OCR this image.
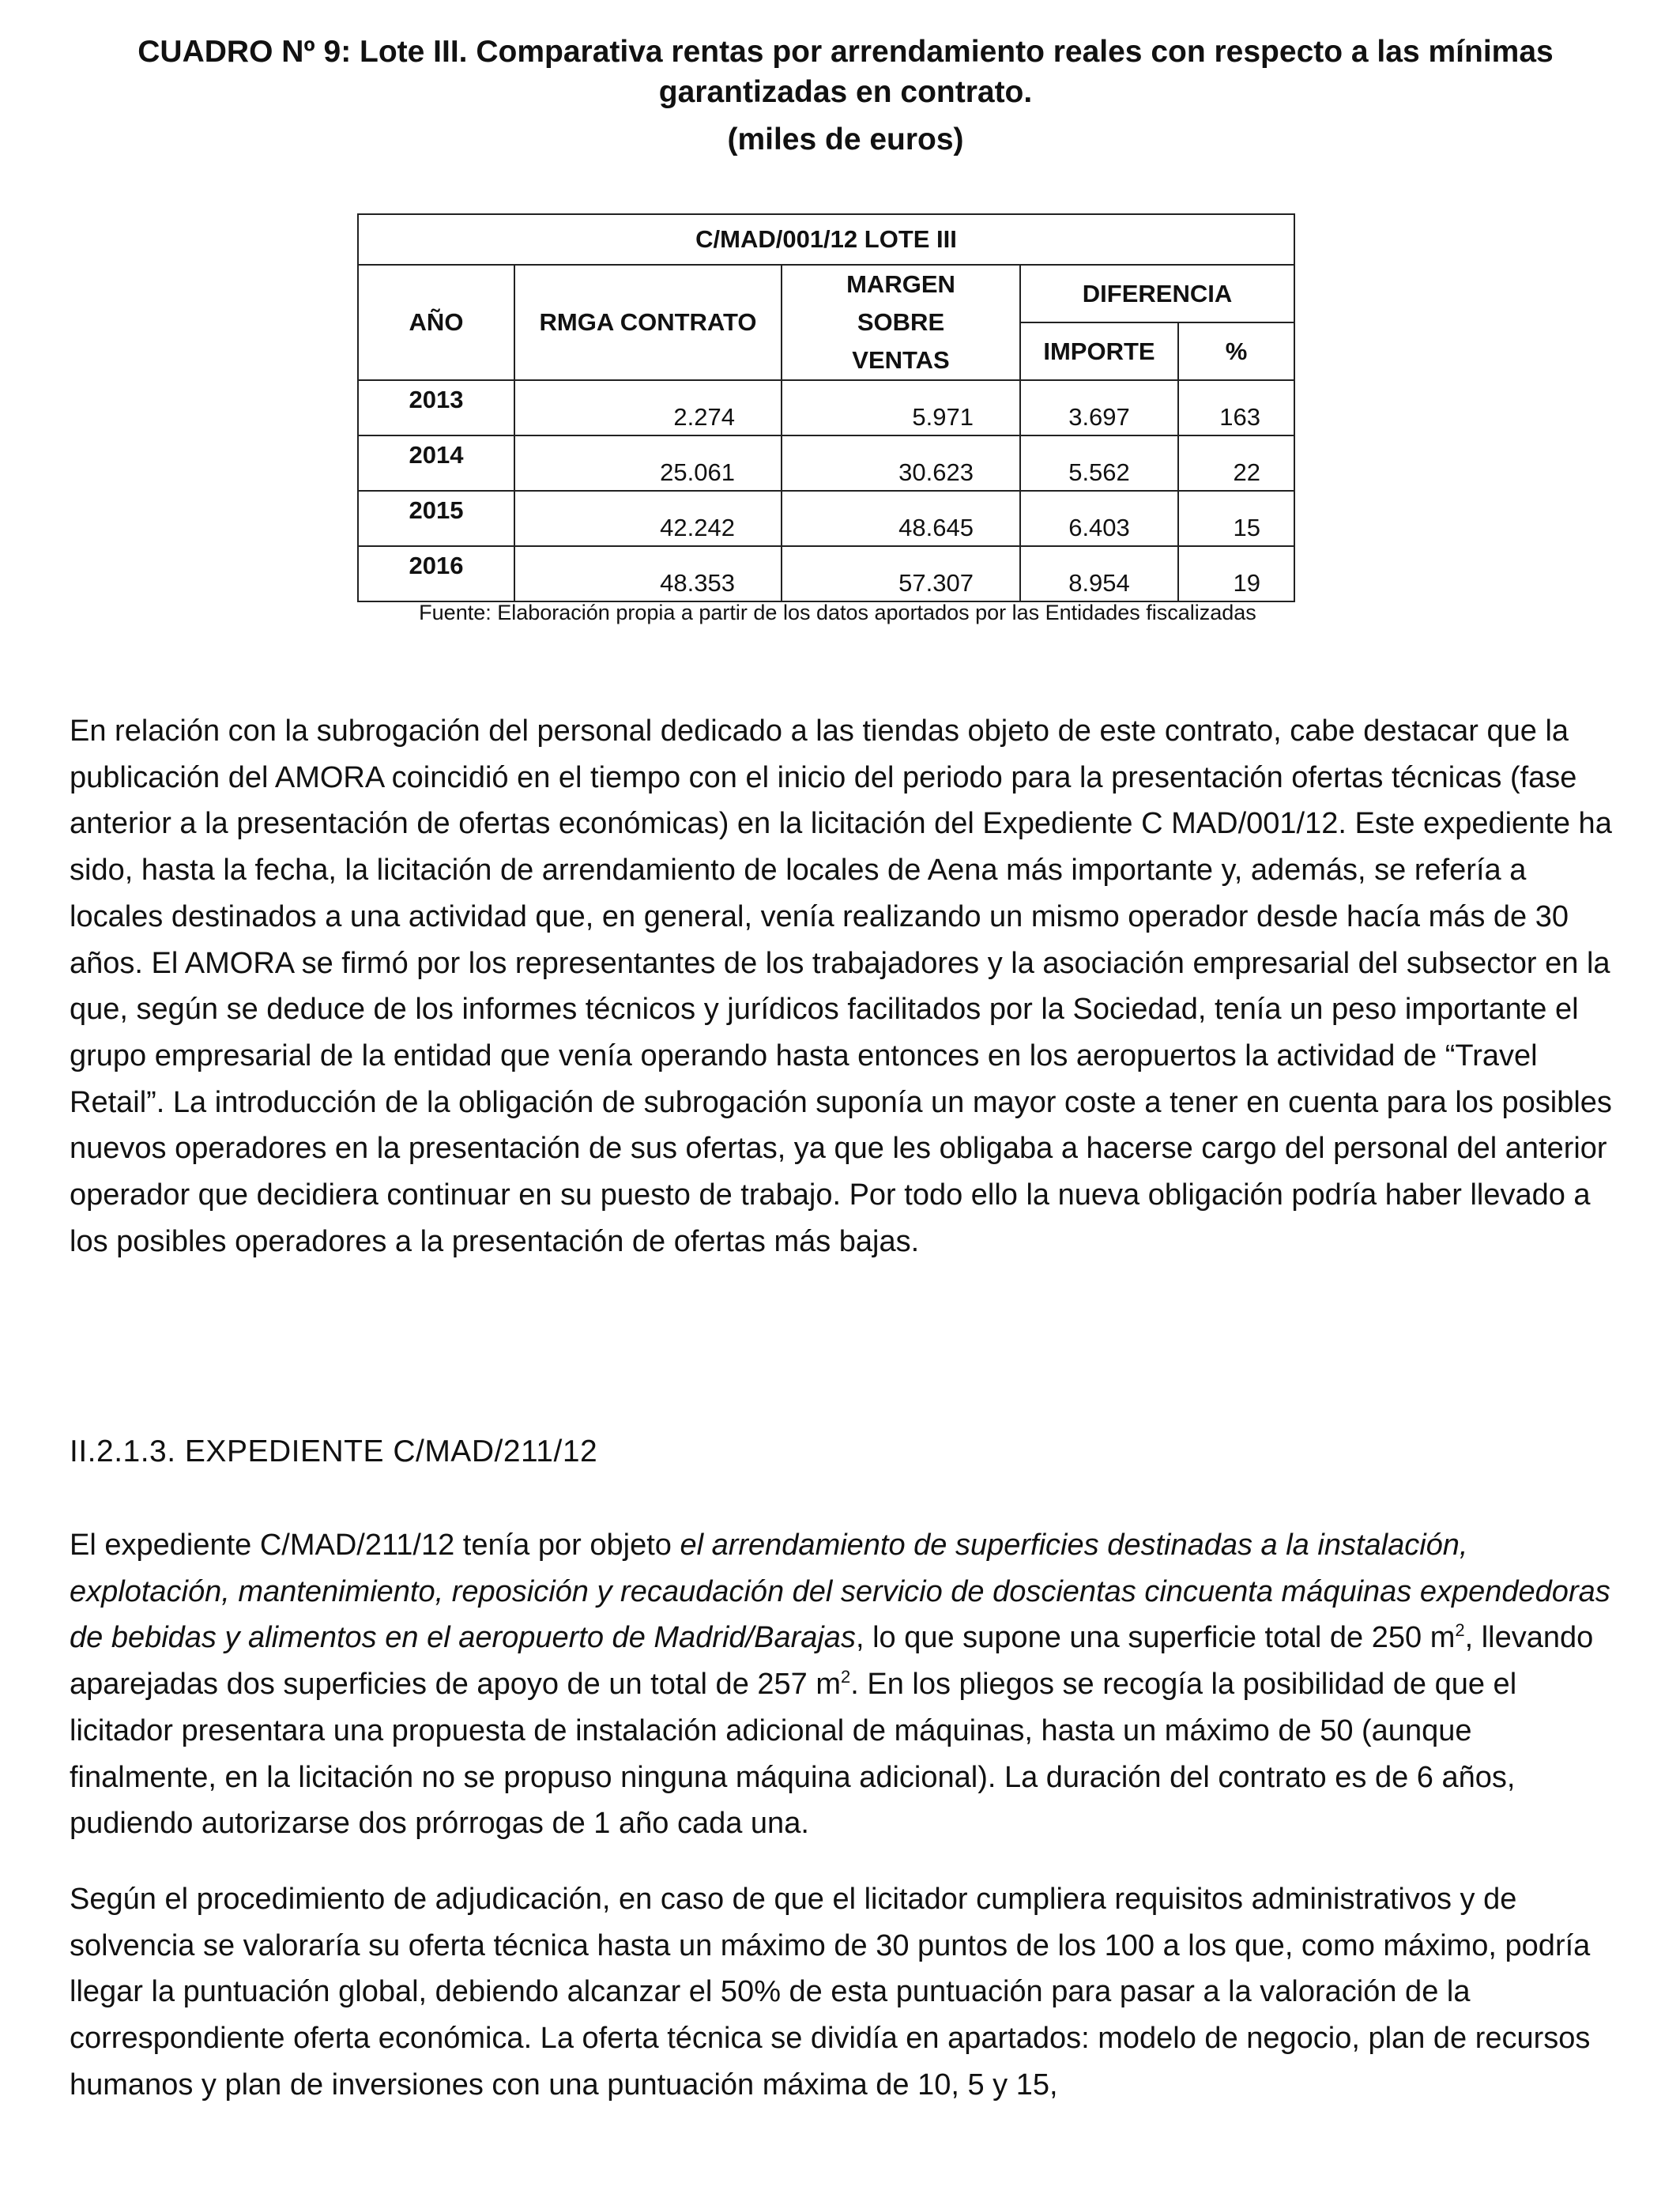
CUADRO Nº 9: Lote III. Comparativa rentas por arrendamiento reales con respecto a las mínimas

garantizadas en contrato.

(miles de euros)

C/MAD/001/12 LOTE III				
AÑO	RMGA CONTRATO	MARGEN SOBRE VENTAS	DIFERENCIA	
			IMPORTE	%
2013	2.274	5.971	3.697	163
2014	25.061	30.623	5.562	22
2015	42.242	48.645	6.403	15
2016	48.353	57.307	8.954	19

Fuente: Elaboración propia a partir de los datos aportados por las Entidades fiscalizadas

En relación con la subrogación del personal dedicado a las tiendas objeto de este contrato, cabe destacar que la publicación del AMORA coincidió en el tiempo con el inicio del periodo para la presentación ofertas técnicas (fase anterior a la presentación de ofertas económicas) en la licitación del Expediente C MAD/001/12. Este expediente ha sido, hasta la fecha, la licitación de arrendamiento de locales de Aena más importante y, además, se refería a locales destinados a una actividad que, en general, venía realizando un mismo operador desde hacía más de 30 años. El AMORA se firmó por los representantes de los trabajadores y la asociación empresarial del subsector en la que, según se deduce de los informes técnicos y jurídicos facilitados por la Sociedad, tenía un peso importante el grupo empresarial de la entidad que venía operando hasta entonces en los aeropuertos la actividad de “Travel Retail”. La introducción de la obligación de subrogación suponía un mayor coste a tener en cuenta para los posibles nuevos operadores en la presentación de sus ofertas, ya que les obligaba a hacerse cargo del personal del anterior operador que decidiera continuar en su puesto de trabajo. Por todo ello la nueva obligación podría haber llevado a los posibles operadores a la presentación de ofertas más bajas.

II.2.1.3. EXPEDIENTE C/MAD/211/12

El expediente C/MAD/211/12 tenía por objeto el arrendamiento de superficies destinadas a la instalación, explotación, mantenimiento, reposición y recaudación del servicio de doscientas cincuenta máquinas expendedoras de bebidas y alimentos en el aeropuerto de Madrid/Barajas, lo que supone una superficie total de 250 $m^2$, llevando aparejadas dos superficies de apoyo de un total de 257 $m^2$. En los pliegos se recogía la posibilidad de que el licitador presentara una propuesta de instalación adicional de máquinas, hasta un máximo de 50 (aunque finalmente, en la licitación no se propuso ninguna máquina adicional). La duración del contrato es de 6 años, pudiendo autorizarse dos prórrogas de 1 año cada una.

Según el procedimiento de adjudicación, en caso de que el licitador cumpliera requisitos administrativos y de solvencia se valoraría su oferta técnica hasta un máximo de 30 puntos de los 100 a los que, como máximo, podría llegar la puntuación global, debiendo alcanzar el 50% de esta puntuación para pasar a la valoración de la correspondiente oferta económica. La oferta técnica se dividía en apartados: modelo de negocio, plan de recursos humanos y plan de inversiones con una puntuación máxima de 10, 5 y 15,
